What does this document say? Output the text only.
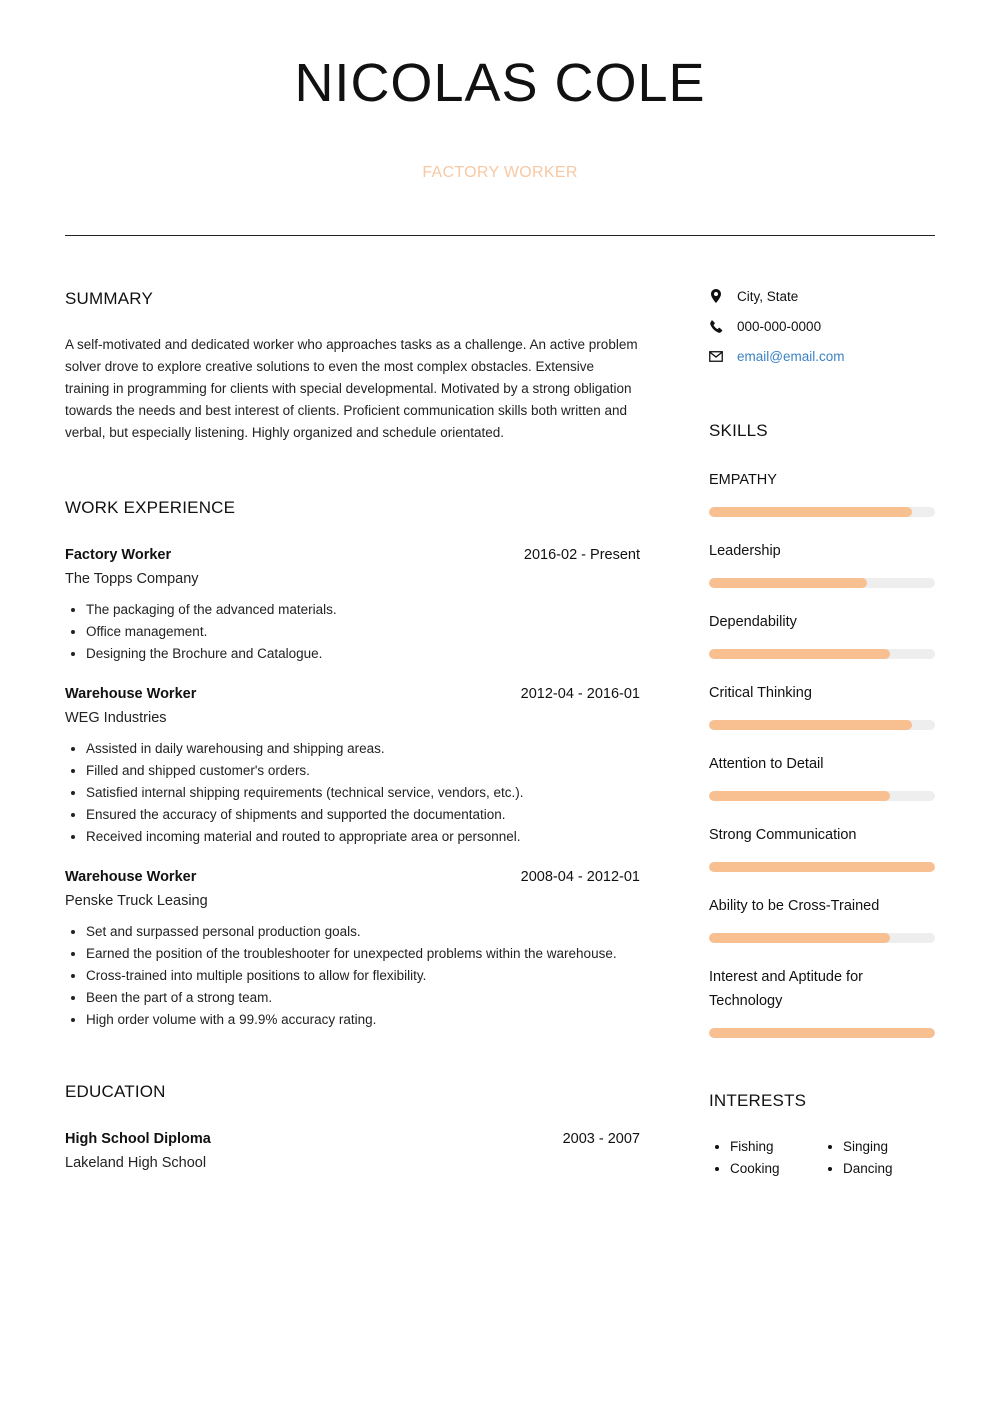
NICOLAS COLE
FACTORY WORKER
SUMMARY
A self-motivated and dedicated worker who approaches tasks as a challenge. An active problem solver drove to explore creative solutions to even the most complex obstacles. Extensive training in programming for clients with special developmental. Motivated by a strong obligation towards the needs and best interest of clients. Proficient communication skills both written and verbal, but especially listening. Highly organized and schedule orientated.
WORK EXPERIENCE
Factory Worker	2016-02 - Present
The Topps Company
• The packaging of the advanced materials.
• Office management.
• Designing the Brochure and Catalogue.
Warehouse Worker	2012-04 - 2016-01
WEG Industries
• Assisted in daily warehousing and shipping areas.
• Filled and shipped customer's orders.
• Satisfied internal shipping requirements (technical service, vendors, etc.).
• Ensured the accuracy of shipments and supported the documentation.
• Received incoming material and routed to appropriate area or personnel.
Warehouse Worker	2008-04 - 2012-01
Penske Truck Leasing
• Set and surpassed personal production goals.
• Earned the position of the troubleshooter for unexpected problems within the warehouse.
• Cross-trained into multiple positions to allow for flexibility.
• Been the part of a strong team.
• High order volume with a 99.9% accuracy rating.
EDUCATION
High School Diploma	2003 - 2007
Lakeland High School
City, State
000-000-0000
email@email.com
SKILLS
EMPATHY
Leadership
Dependability
Critical Thinking
Attention to Detail
Strong Communication
Ability to be Cross-Trained
Interest and Aptitude for Technology
INTERESTS
• Fishing
• Cooking
• Singing
• Dancing
